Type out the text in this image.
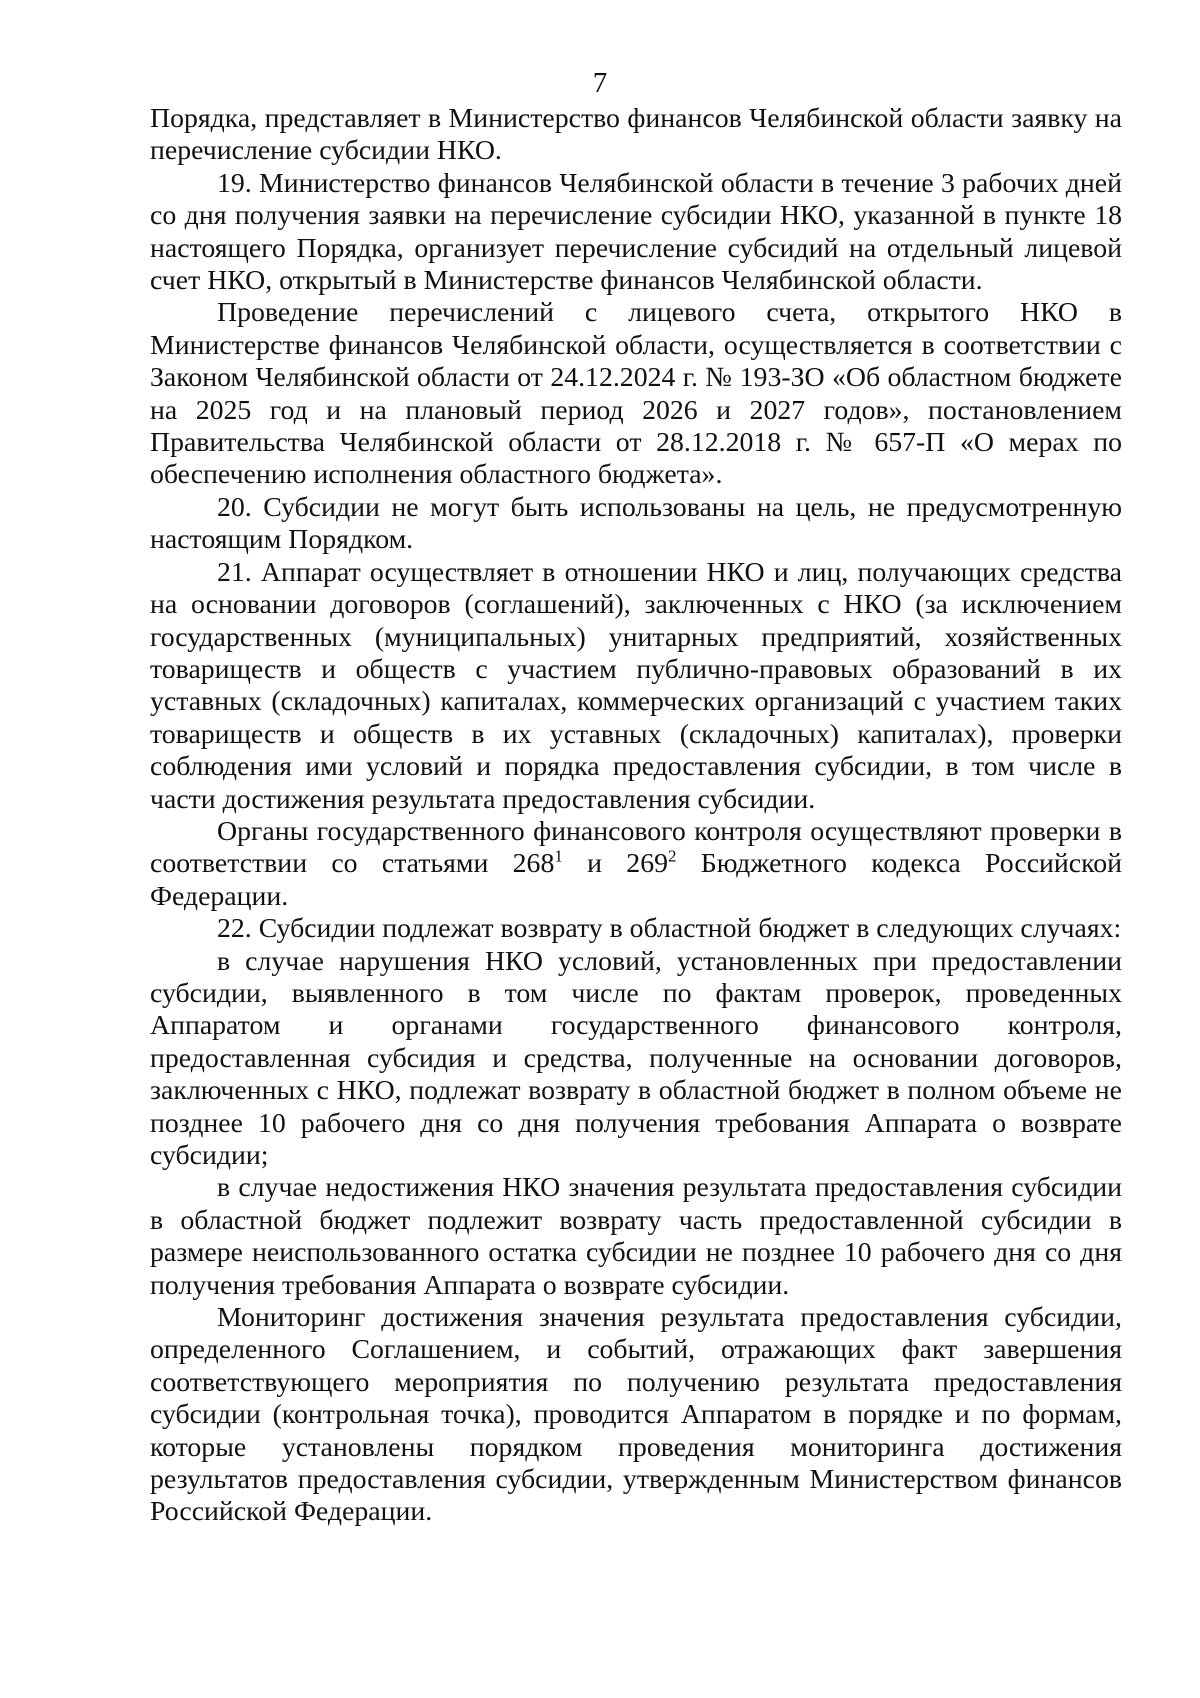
7

Порядка, представляет в Министерство финансов Челябинской области заявку на перечисление субсидии НКО.

19. Министерство финансов Челябинской области в течение 3 рабочих дней со дня получения заявки на перечисление субсидии НКО, указанной в пункте 18 настоящего Порядка, организует перечисление субсидий на отдельный лицевой счет НКО, открытый в Министерстве финансов Челябинской области.

Проведение перечислений с лицевого счета, открытого НКО в Министерстве финансов Челябинской области, осуществляется в соответствии с Законом Челябинской области от 24.12.2024 г. № 193-ЗО «Об областном бюджете на 2025 год и на плановый период 2026 и 2027 годов», постановлением Правительства Челябинской области от 28.12.2018 г. № 657-П «О мерах по обеспечению исполнения областного бюджета».

20. Субсидии не могут быть использованы на цель, не предусмотренную настоящим Порядком.

21. Аппарат осуществляет в отношении НКО и лиц, получающих средства на основании договоров (соглашений), заключенных с НКО (за исключением государственных (муниципальных) унитарных предприятий, хозяйственных товариществ и обществ с участием публично-правовых образований в их уставных (складочных) капиталах, коммерческих организаций с участием таких товариществ и обществ в их уставных (складочных) капиталах), проверки соблюдения ими условий и порядка предоставления субсидии, в том числе в части достижения результата предоставления субсидии.

Органы государственного финансового контроля осуществляют проверки в соответствии со статьями $268^1$ и $269^2$ Бюджетного кодекса Российской Федерации.

22. Субсидии подлежат возврату в областной бюджет в следующих случаях:

в случае нарушения НКО условий, установленных при предоставлении субсидии, выявленного в том числе по фактам проверок, проведенных Аппаратом и органами государственного финансового контроля, предоставленная субсидия и средства, полученные на основании договоров, заключенных с НКО, подлежат возврату в областной бюджет в полном объеме не позднее 10 рабочего дня со дня получения требования Аппарата о возврате субсидии;

в случае недостижения НКО значения результата предоставления субсидии в областной бюджет подлежит возврату часть предоставленной субсидии в размере неиспользованного остатка субсидии не позднее 10 рабочего дня со дня получения требования Аппарата о возврате субсидии.

Мониторинг достижения значения результата предоставления субсидии, определенного Соглашением, и событий, отражающих факт завершения соответствующего мероприятия по получению результата предоставления субсидии (контрольная точка), проводится Аппаратом в порядке и по формам, которые установлены порядком проведения мониторинга достижения результатов предоставления субсидии, утвержденным Министерством финансов Российской Федерации.
